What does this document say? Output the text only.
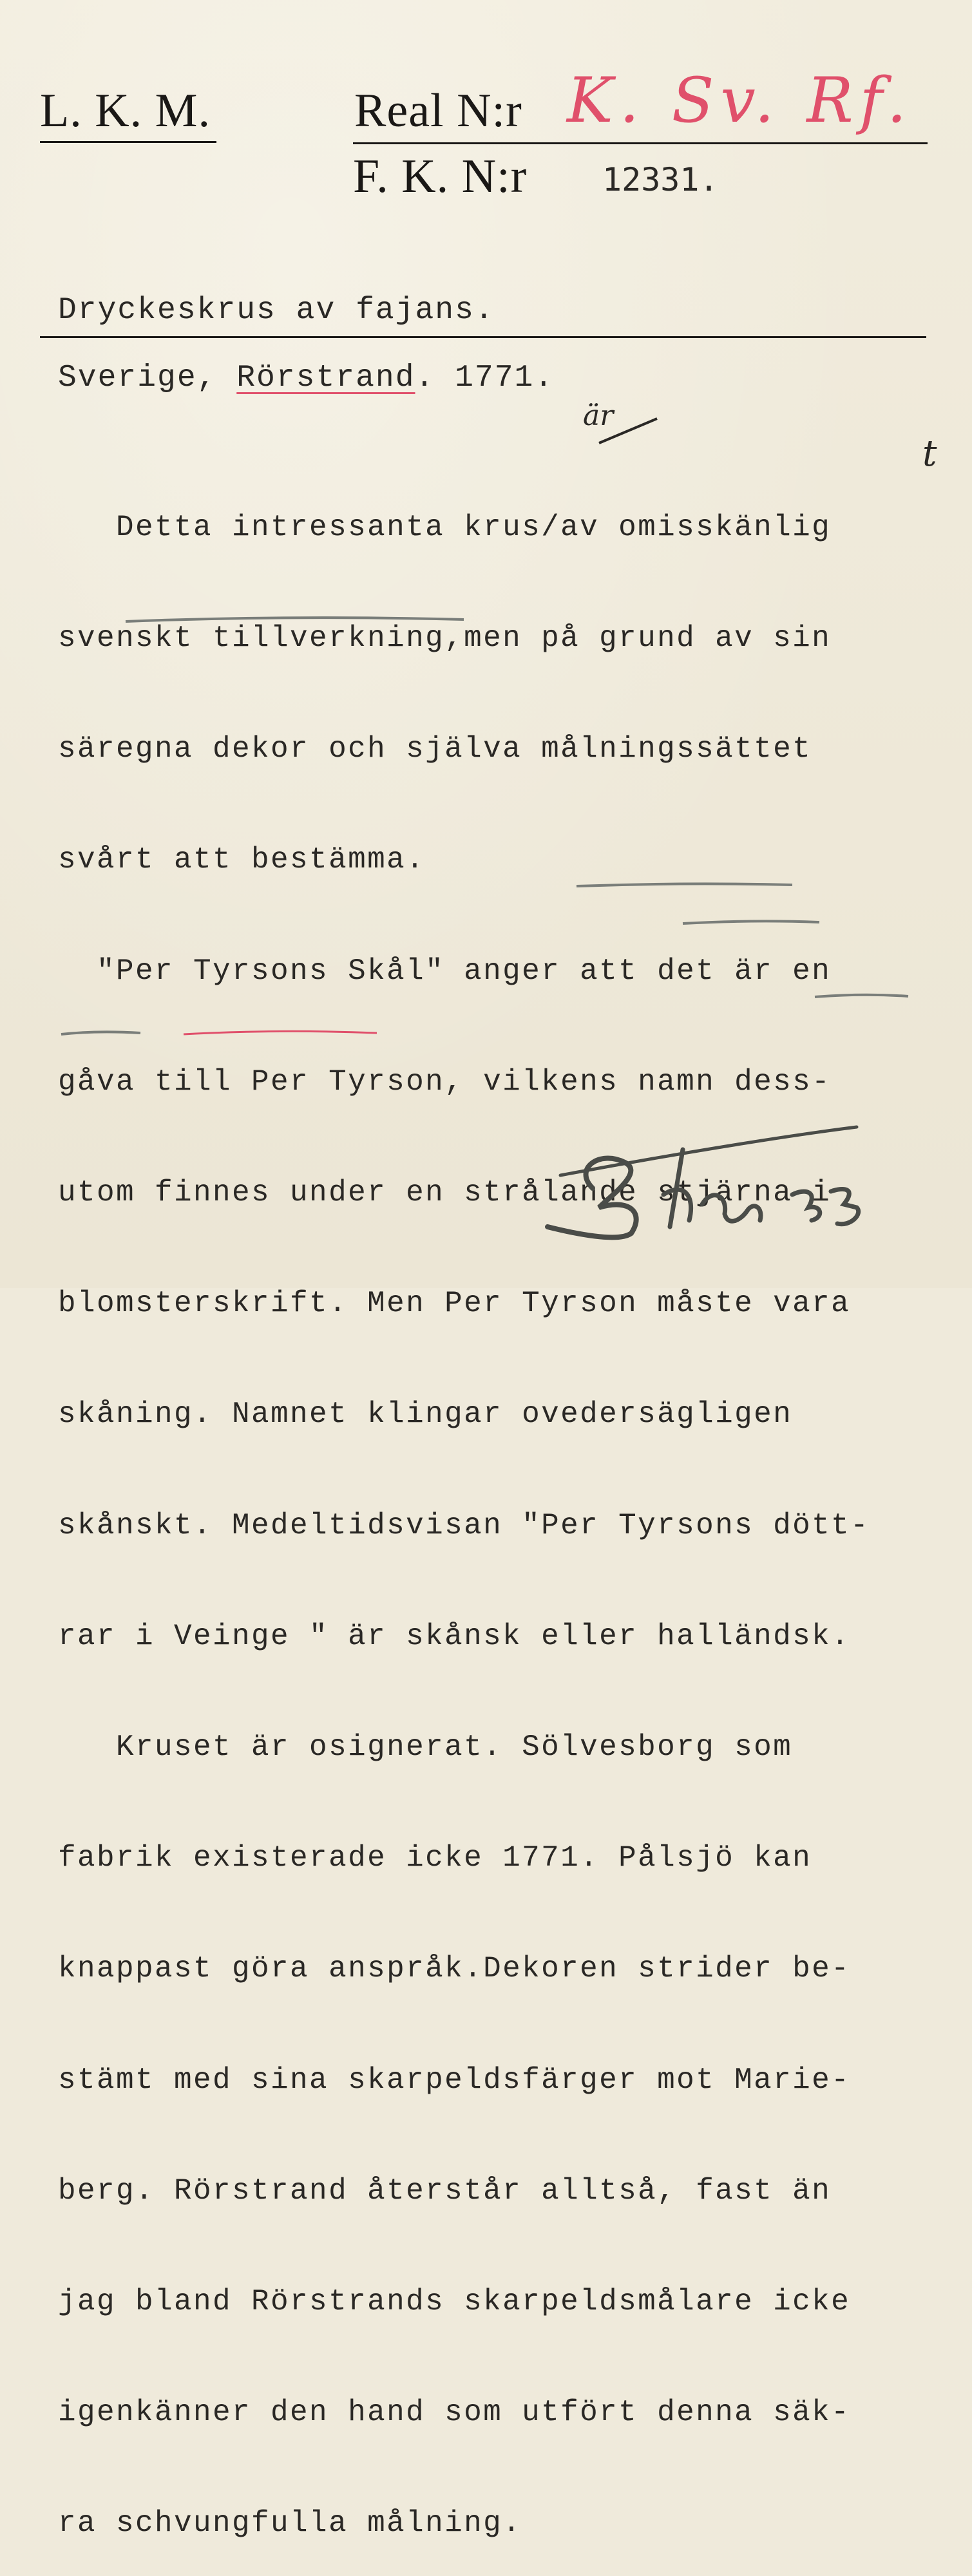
L. K. M.	Real N:r K. Sv. Rf.
F. K. N:r 12331.
Dryckeskrus av fajans.
Sverige, Rörstrand. 1771.
är
t

Detta intressanta krus/av omisskänlig

svenskt tillverkning,men på grund av sin

säregna dekor och själva målningssättet

svårt att bestämma.

"Per Tyrsons Skål" anger att det är en

gåva till Per Tyrson, vilkens namn dess-

utom finnes under en strålande stjärna i

blomsterskrift. Men Per Tyrson måste vara

skåning. Namnet klingar ovedersägligen

skånskt. Medeltidsvisan "Per Tyrsons dött-

rar i Veinge " är skånsk eller halländsk.

Kruset är osignerat. Sölvesborg som

fabrik existerade icke 1771. Pålsjö kan

knappast göra anspråk.Dekoren strider be-

stämt med sina skarpeldsfärger mot Marie-

berg. Rörstrand återstår alltså, fast än

jag bland Rörstrands skarpeldsmålare icke

igenkänner den hand som utfört denna säk-

ra schvungfulla målning.
